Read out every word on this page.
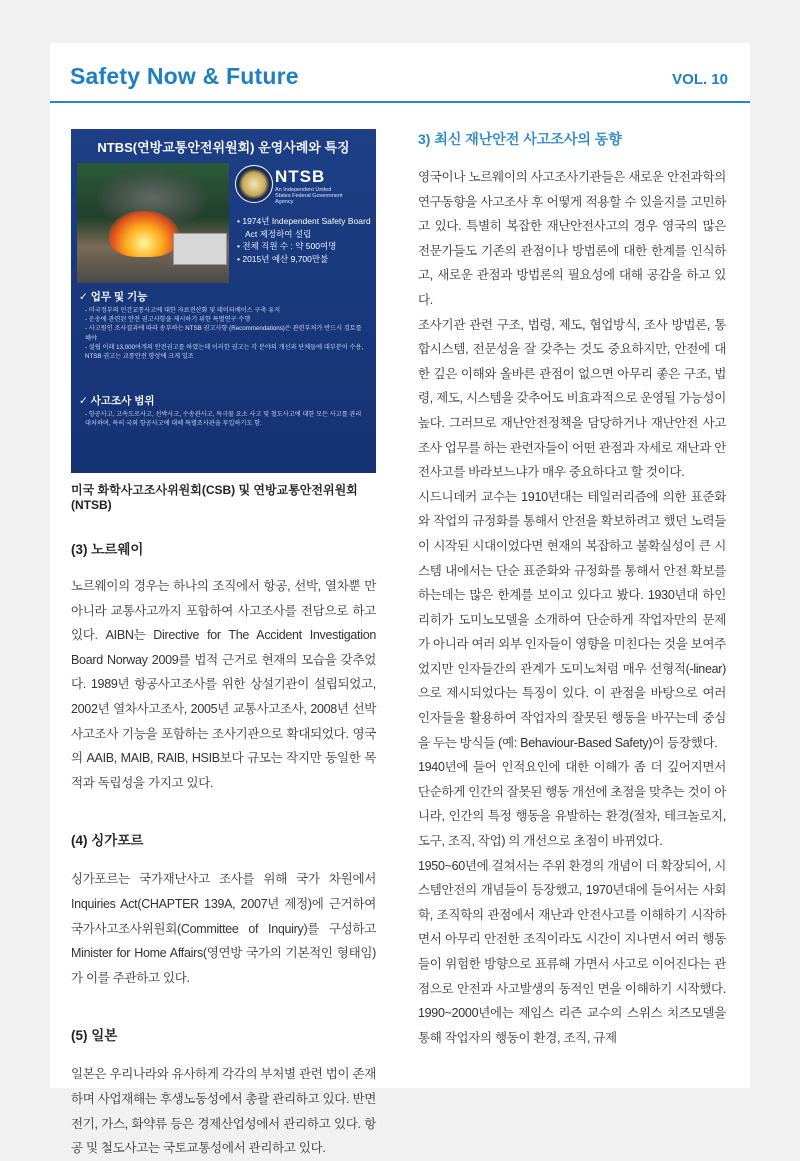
Safety Now & Future	VOL. 10
NTBS(연방교통안전위원회) 운영사례와 특징
NTSB
An Independent United States Federal Government Agency
• 1974년 Independent Safety Board Act 제정하여 설립
• 전체 직원 수 : 약 500여명
• 2015년 예산 9,700만불
✓ 업무 및 기능
- 미국정부의 민간교통사고에 대한 자료전산화 및 데이터베이스 구축 유지
- 운송에 관련된 안전 권고사항을 제시하기 위한 특별연구 수행
- 사고원인 조사결과에 따라 송부하는 NTSB 권고사항 (Recommendations)은 관련부처가 반드시 검토를 해야
- 설립 이래 13,000여개의 안전권고를 하였는데 이러한 권고는 각 분야의 개선과 단체들에 대부분이 수용, NTSB 권고는 교통안전 향상에 크게 일조
✓ 사고조사 범위
- 항공사고, 고속도로사고, 선박사고, 수송관사고, 독극물 요소 사고 및 철도사고에 대한 모든 사고를 관리 대처하며, 특히 국외 항공사고에 대해 특별조사관을 투입하기도 함.
미국 화학사고조사위원회(CSB) 및 연방교통안전위원회(NTSB)
(3) 노르웨이

노르웨이의 경우는 하나의 조직에서 항공, 선박, 열차뿐 만 아니라 교통사고까지 포함하여 사고조사를 전담으로 하고 있다. AIBN는 Directive for The Accident Investigation Board Norway 2009를 법적 근거로 현재의 모습을 갖추었다. 1989년 항공사고조사를 위한 상설기관이 설립되었고, 2002년 열차사고조사, 2005년 교통사고조사, 2008년 선박사고조사 기능을 포함하는 조사기관으로 확대되었다. 영국의 AAIB, MAIB, RAIB, HSIB보다 규모는 작지만 동일한 목적과 독립성을 가지고 있다.

(4) 싱가포르

싱가포르는 국가재난사고 조사를 위해 국가 차원에서 Inquiries Act(CHAPTER 139A, 2007년 제정)에 근거하여 국가사고조사위원회(Committee of Inquiry)를 구성하고 Minister for Home Affairs(영연방 국가의 기본적인 형태임)가 이를 주관하고 있다.

(5) 일본

일본은 우리나라와 유사하게 각각의 부처별 관련 법이 존재하며 사업재해는 후생노동성에서 총괄 관리하고 있다. 반면 전기, 가스, 화약류 등은 경제산업성에서 관리하고 있다. 항공 및 철도사고는 국토교통성에서 관리하고 있다.

3) 최신 재난안전 사고조사의 동향

영국이나 노르웨이의 사고조사기관들은 새로운 안전과학의 연구동향을 사고조사 후 어떻게 적용할 수 있을지를 고민하고 있다. 특별히 복잡한 재난안전사고의 경우 영국의 많은 전문가들도 기존의 관점이나 방법론에 대한 한계를 인식하고, 새로운 관점과 방법론의 필요성에 대해 공감을 하고 있다.

조사기관 관련 구조, 법령, 제도, 협업방식, 조사 방법론, 통합시스템, 전문성을 잘 갖추는 것도 중요하지만, 안전에 대한 깊은 이해와 올바른 관점이 없으면 아무리 좋은 구조, 법령, 제도, 시스템을 갖추어도 비효과적으로 운영될 가능성이 높다. 그러므로 재난안전정책을 담당하거나 재난안전 사고조사 업무를 하는 관련자들이 어떤 관점과 자세로 재난과 안전사고를 바라보느냐가 매우 중요하다고 할 것이다.

시드니데커 교수는 1910년대는 테일러리즘에 의한 표준화와 작업의 규정화를 통해서 안전을 확보하려고 했던 노력들이 시작된 시대이었다면 현재의 복잡하고 불확실성이 큰 시스템 내에서는 단순 표준화와 규정화를 통해서 안전 확보를 하는데는 많은 한계를 보이고 있다고 봤다. 1930년대 하인리히가 도미노모델을 소개하여 단순하게 작업자만의 문제가 아니라 여러 외부 인자들이 영향을 미친다는 것을 보여주었지만 인자들간의 관계가 도미노처럼 매우 선형적(-linear)으로 제시되었다는 특징이 있다. 이 관점을 바탕으로 여러 인자들을 활용하여 작업자의 잘못된 행동을 바꾸는데 중심을 두는 방식들 (예: Behaviour-Based Safety)이 등장했다.

1940년에 들어 인적요인에 대한 이해가 좀 더 깊어지면서 단순하게 인간의 잘못된 행동 개선에 초점을 맞추는 것이 아니라, 인간의 특정 행동을 유발하는 환경(절차, 테크놀로지, 도구, 조직, 작업) 의 개선으로 초점이 바뀌었다.

1950~60년에 걸쳐서는 주위 환경의 개념이 더 확장되어, 시스템안전의 개념들이 등장했고, 1970년대에 들어서는 사회학, 조직학의 관점에서 재난과 안전사고를 이해하기 시작하면서 아무리 안전한 조직이라도 시간이 지나면서 여러 행동들이 위험한 방향으로 표류해 가면서 사고로 이어진다는 관점으로 안전과 사고발생의 동적인 면을 이해하기 시작했다. 1990~2000년에는 제임스 리즌 교수의 스위스 치즈모델을 통해 작업자의 행동이 환경, 조직, 규제
